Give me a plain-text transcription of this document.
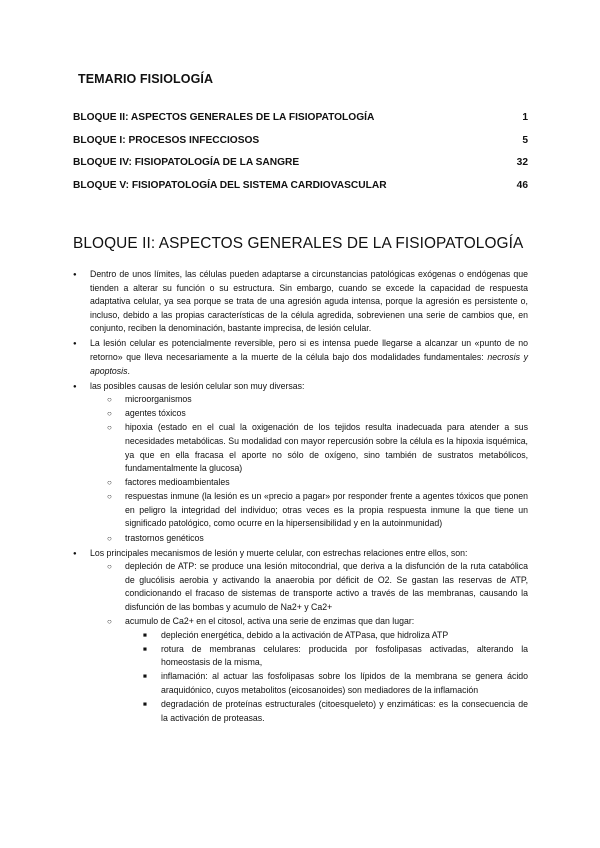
TEMARIO FISIOLOGÍA
BLOQUE II: ASPECTOS GENERALES DE LA FISIOPATOLOGÍA	1
BLOQUE I: PROCESOS INFECCIOSOS	5
BLOQUE IV: FISIOPATOLOGÍA DE LA SANGRE	32
BLOQUE V: FISIOPATOLOGÍA DEL SISTEMA CARDIOVASCULAR	46
BLOQUE II: ASPECTOS GENERALES DE LA FISIOPATOLOGÍA
●
Dentro de unos límites, las células pueden adaptarse a circunstancias patológicas exógenas o endógenas que tienden a alterar su función o su estructura. Sin embargo, cuando se excede la capacidad de respuesta adaptativa celular, ya sea porque se trata de una agresión aguda intensa, porque la agresión es persistente o, incluso, debido a las propias características de la célula agredida, sobrevienen una serie de cambios que, en conjunto, reciben la denominación, bastante imprecisa, de lesión celular.
●
La lesión celular es potencialmente reversible, pero si es intensa puede llegarse a alcanzar un «punto de no retorno» que lleva necesariamente a la muerte de la célula bajo dos modalidades fundamentales: necrosis y apoptosis.
●
las posibles causas de lesión celular son muy diversas:
○
microorganismos
○
agentes tóxicos
○
hipoxia (estado en el cual la oxigenación de los tejidos resulta inadecuada para atender a sus necesidades metabólicas. Su modalidad con mayor repercusión sobre la célula es la hipoxia isquémica, ya que en ella fracasa el aporte no sólo de oxígeno, sino también de sustratos metabólicos, fundamentalmente la glucosa)
○
factores medioambientales
○
respuestas inmune (la lesión es un «precio a pagar» por responder frente a agentes tóxicos que ponen en peligro la integridad del individuo; otras veces es la propia respuesta inmune la que tiene un significado patológico, como ocurre en la hipersensibilidad y en la autoinmunidad)
○
trastornos genéticos
●
Los principales mecanismos de lesión y muerte celular, con estrechas relaciones entre ellos, son:
○
depleción de ATP: se produce una lesión mitocondrial, que deriva a la disfunción de la ruta catabólica de glucólisis aerobia y activando la anaerobia por déficit de O2. Se gastan las reservas de ATP, condicionando el fracaso de sistemas de transporte activo a través de las membranas, causando la disfunción de las bombas y acumulo de Na2+ y Ca2+
○
acumulo de Ca2+ en el citosol, activa una serie de enzimas que dan lugar:
■
depleción energética, debido a la activación de ATPasa, que hidroliza ATP
■
rotura de membranas celulares: producida por fosfolipasas activadas, alterando la homeostasis de la misma,
■
inflamación: al actuar las fosfolipasas sobre los lípidos de la membrana se genera ácido araquidónico, cuyos metabolitos (eicosanoides) son mediadores de la inflamación
■
degradación de proteínas estructurales (citoesqueleto) y enzimáticas: es la consecuencia de la activación de proteasas.
